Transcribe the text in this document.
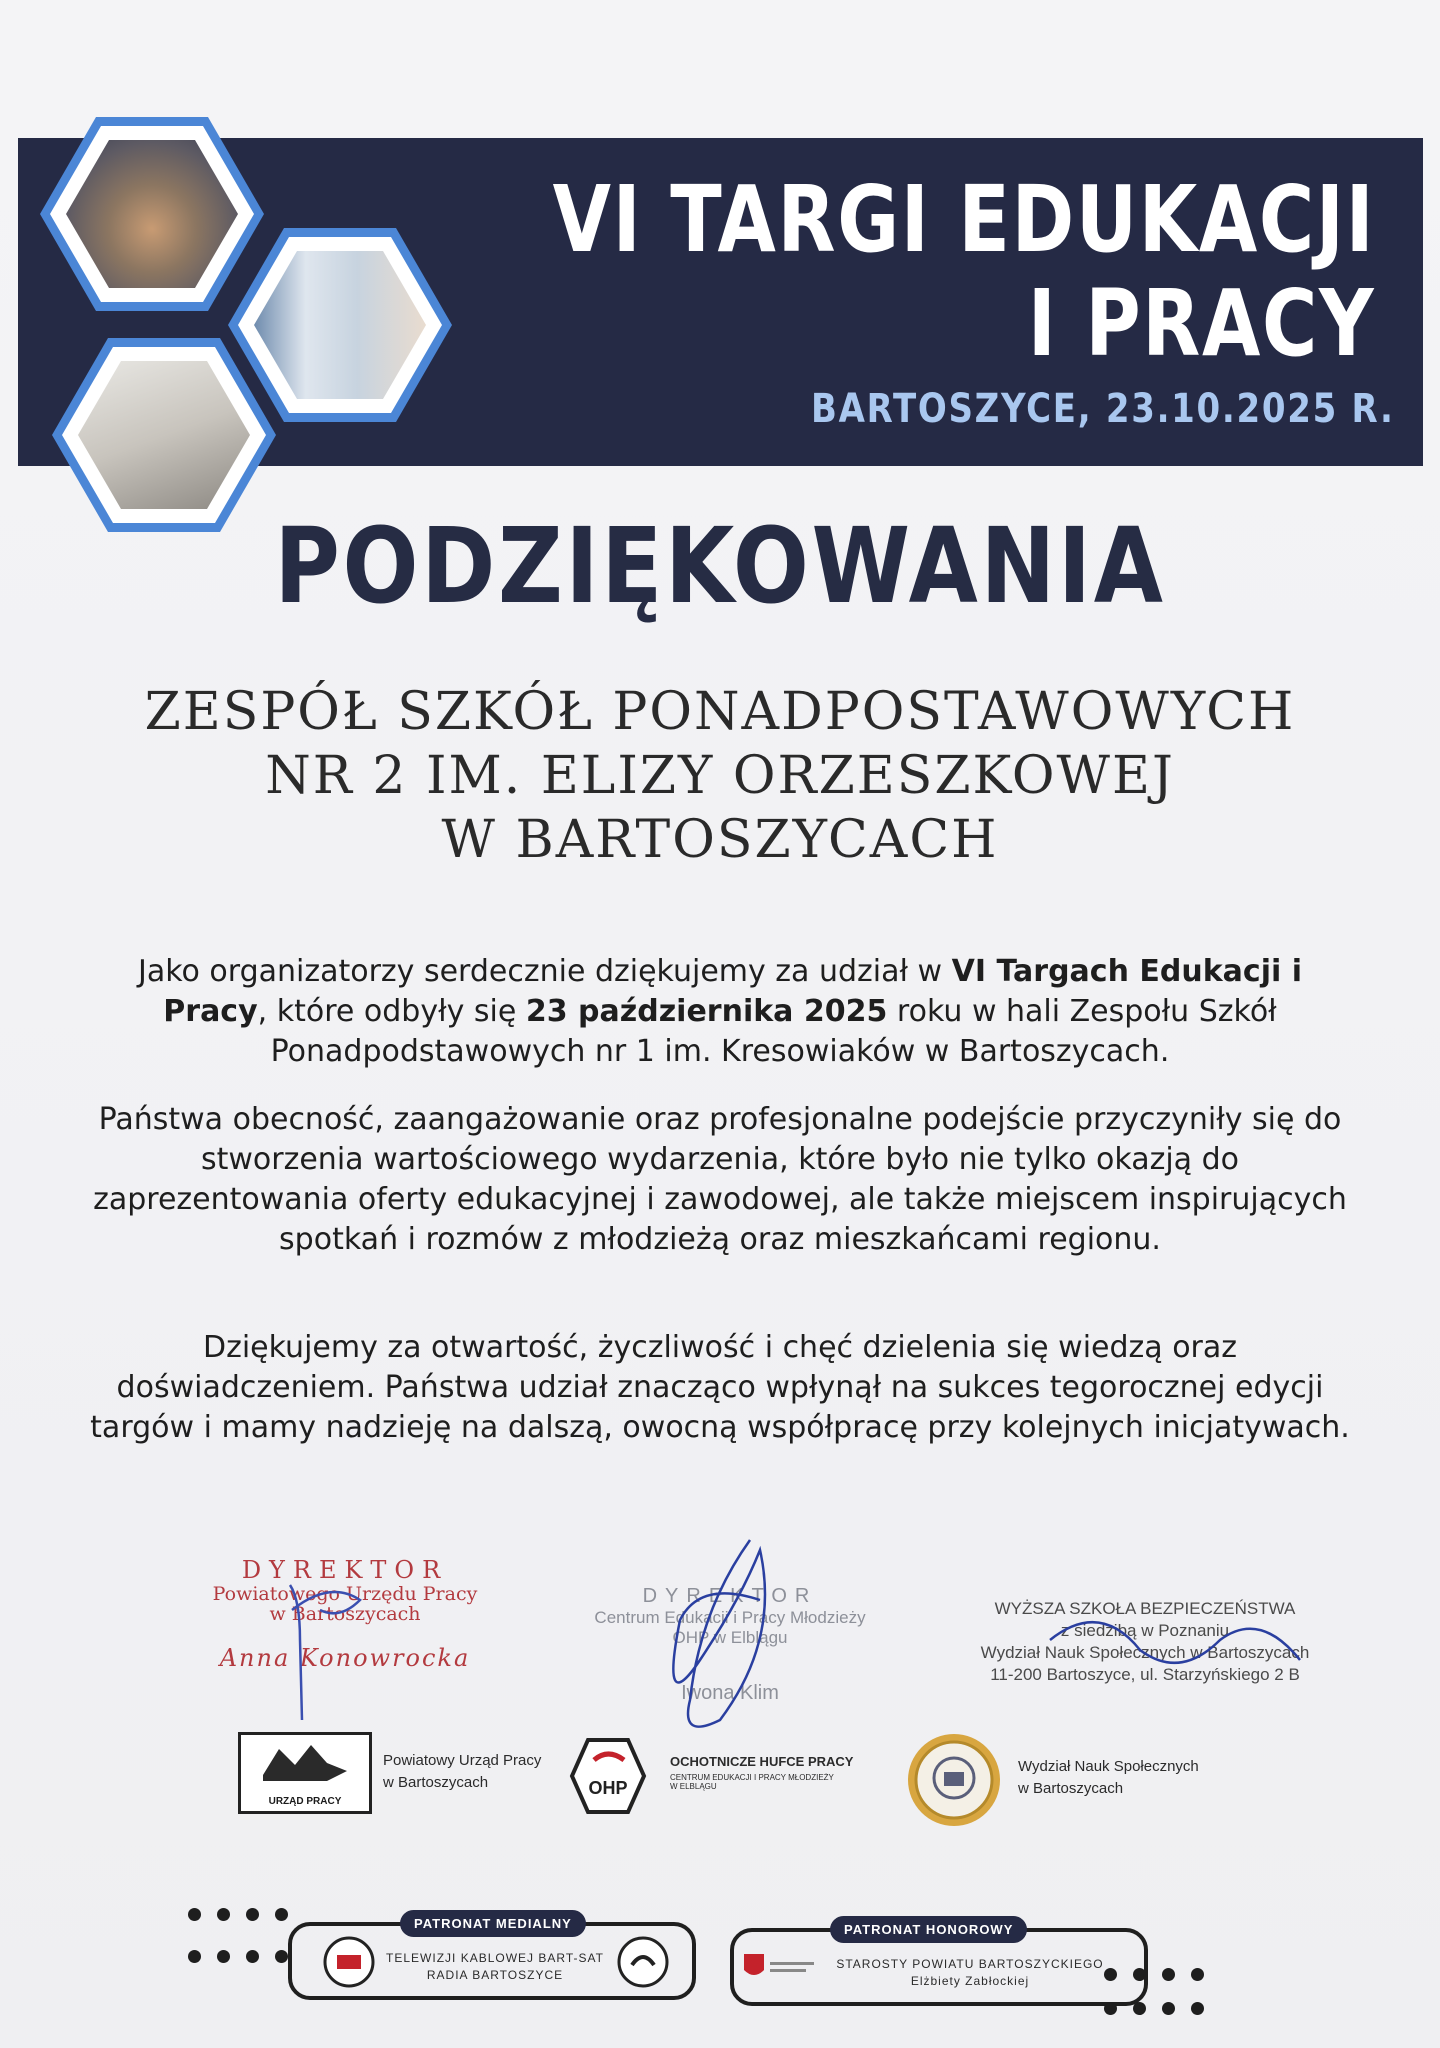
VI TARGI EDUKACJI
I PRACY
BARTOSZYCE, 23.10.2025 R.
PODZIĘKOWANIA
ZESPÓŁ SZKÓŁ PONADPOSTAWOWYCH
NR 2 IM. ELIZY ORZESZKOWEJ
W BARTOSZYCACH
Jako organizatorzy serdecznie dziękujemy za udział w VI Targach Edukacji i Pracy, które odbyły się 23 października 2025 roku w hali Zespołu Szkół Ponadpodstawowych nr 1 im. Kresowiaków w Bartoszycach.
Państwa obecność, zaangażowanie oraz profesjonalne podejście przyczyniły się do stworzenia wartościowego wydarzenia, które było nie tylko okazją do zaprezentowania oferty edukacyjnej i zawodowej, ale także miejscem inspirujących spotkań i rozmów z młodzieżą oraz mieszkańcami regionu.
Dziękujemy za otwartość, życzliwość i chęć dzielenia się wiedzą oraz doświadczeniem. Państwa udział znacząco wpłynął na sukces tegorocznej edycji targów i mamy nadzieję na dalszą, owocną współpracę przy kolejnych inicjatywach.
DYREKTOR
Powiatowego Urzędu Pracy
w Bartoszycach
Anna Konowrocka
DYREKTOR
Centrum Edukacji i Pracy Młodzieży
OHP w Elblągu
Iwona Klim
WYŻSZA SZKOŁA BEZPIECZEŃSTWA
z siedzibą w Poznaniu
Wydział Nauk Społecznych w Bartoszycach
11-200 Bartoszyce, ul. Starzyńskiego 2 B
URZĄD PRACY
Powiatowy Urząd Pracy
w Bartoszycach	OHP
OCHOTNICZE HUFCE PRACY
CENTRUM EDUKACJI I PRACY MŁODZIEŻY
W ELBLĄGU
Wydział Nauk Społecznych
w Bartoszycach
PATRONAT MEDIALNY
TELEWIZJI KABLOWEJ BART-SAT
RADIA BARTOSZYCE
PATRONAT HONOROWY
STAROSTY POWIATU BARTOSZYCKIEGO
Elżbiety Zabłockiej
